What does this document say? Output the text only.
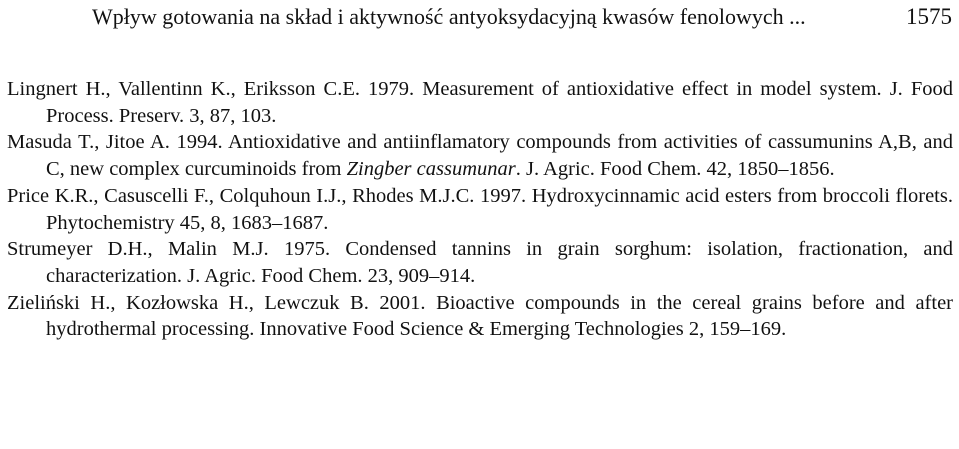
Wpływ gotowania na skład i aktywność antyoksydacyjną kwasów fenolowych ...	1575

Lingnert H., Vallentinn K., Eriksson C.E. 1979. Measurement of antioxidative effect in model system. J. Food Process. Preserv. 3, 87, 103.

Masuda T., Jitoe A. 1994. Antioxidative and antiinflamatory compounds from activities of cassumunins A,B, and C, new complex curcuminoids from Zingber cassumunar. J. Agric. Food Chem. 42, 1850–1856.

Price K.R., Casuscelli F., Colquhoun I.J., Rhodes M.J.C. 1997. Hydroxycinnamic acid esters from broccoli florets. Phytochemistry 45, 8, 1683–1687.

Strumeyer D.H., Malin M.J. 1975. Condensed tannins in grain sorghum: isolation, fractionation, and characterization. J. Agric. Food Chem. 23, 909–914.

Zieliński H., Kozłowska H., Lewczuk B. 2001. Bioactive compounds in the cereal grains before and after hydrothermal processing. Innovative Food Science & Emerging Technologies 2, 159–169.
